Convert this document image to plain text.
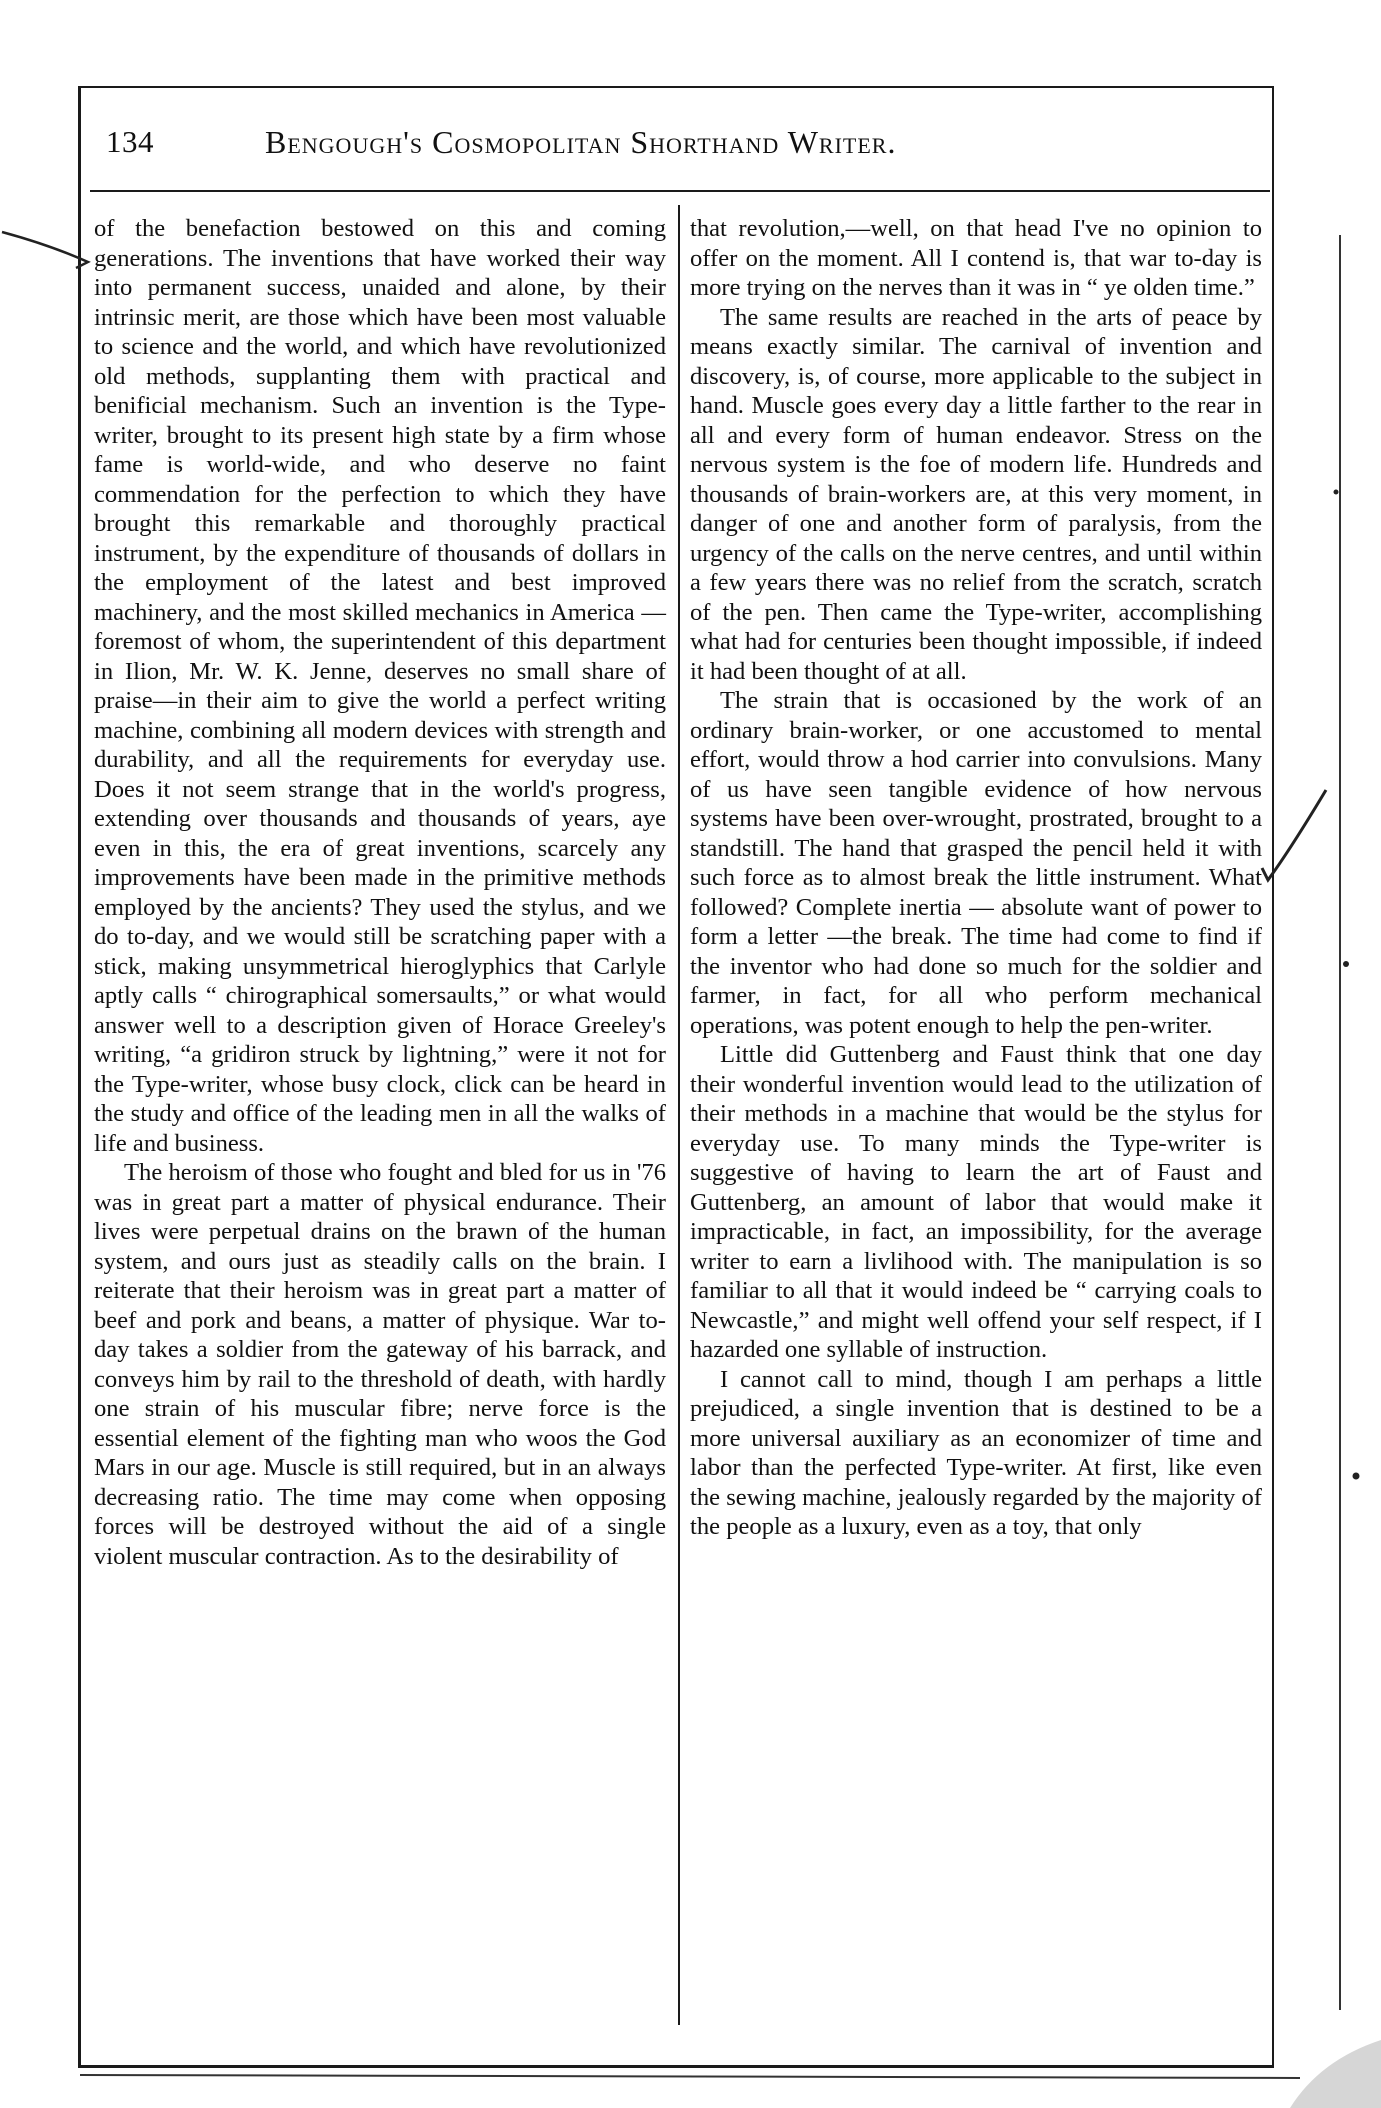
134	Bengough's Cosmopolitan Shorthand Writer.

of the benefaction bestowed on this and coming generations. The inventions that have worked their way into permanent success, unaided and alone, by their intrinsic merit, are those which have been most valuable to science and the world, and which have revolutionized old methods, supplanting them with practical and benificial mechanism. Such an invention is the Type-writer, brought to its present high state by a firm whose fame is world-wide, and who deserve no faint commendation for the perfection to which they have brought this remarkable and thoroughly practical instrument, by the expenditure of thousands of dollars in the employment of the latest and best improved machinery, and the most skilled mechanics in America —foremost of whom, the superintendent of this department in Ilion, Mr. W. K. Jenne, deserves no small share of praise—in their aim to give the world a perfect writing machine, combining all modern devices with strength and durability, and all the requirements for everyday use. Does it not seem strange that in the world's progress, extending over thousands and thousands of years, aye even in this, the era of great inventions, scarcely any improvements have been made in the primitive methods employed by the ancients? They used the stylus, and we do to-day, and we would still be scratching paper with a stick, making unsymmetrical hieroglyphics that Carlyle aptly calls “ chirographical somersaults,” or what would answer well to a description given of Horace Greeley's writing, “a gridiron struck by lightning,” were it not for the Type-writer, whose busy clock, click can be heard in the study and office of the leading men in all the walks of life and business.

The heroism of those who fought and bled for us in '76 was in great part a matter of physical endurance. Their lives were perpetual drains on the brawn of the human system, and ours just as steadily calls on the brain. I reiterate that their heroism was in great part a matter of beef and pork and beans, a matter of physique. War to-day takes a soldier from the gateway of his barrack, and conveys him by rail to the threshold of death, with hardly one strain of his muscular fibre; nerve force is the essential element of the fighting man who woos the God Mars in our age. Muscle is still required, but in an always decreasing ratio. The time may come when opposing forces will be destroyed without the aid of a single violent muscular contraction. As to the desirability of

that revolution,—well, on that head I've no opinion to offer on the moment. All I contend is, that war to-day is more trying on the nerves than it was in “ ye olden time.”

The same results are reached in the arts of peace by means exactly similar. The carnival of invention and discovery, is, of course, more applicable to the subject in hand. Muscle goes every day a little farther to the rear in all and every form of human endeavor. Stress on the nervous system is the foe of modern life. Hundreds and thousands of brain-workers are, at this very moment, in danger of one and another form of paralysis, from the urgency of the calls on the nerve centres, and until within a few years there was no relief from the scratch, scratch of the pen. Then came the Type-writer, accomplishing what had for centuries been thought impossible, if indeed it had been thought of at all.

The strain that is occasioned by the work of an ordinary brain-worker, or one accustomed to mental effort, would throw a hod carrier into convulsions. Many of us have seen tangible evidence of how nervous systems have been over-wrought, prostrated, brought to a standstill. The hand that grasped the pencil held it with such force as to almost break the little instrument. What followed? Complete inertia — absolute want of power to form a letter —the break. The time had come to find if the inventor who had done so much for the soldier and farmer, in fact, for all who perform mechanical operations, was potent enough to help the pen-writer.

Little did Guttenberg and Faust think that one day their wonderful invention would lead to the utilization of their methods in a machine that would be the stylus for everyday use. To many minds the Type-writer is suggestive of having to learn the art of Faust and Guttenberg, an amount of labor that would make it impracticable, in fact, an impossibility, for the average writer to earn a livlihood with. The manipulation is so familiar to all that it would indeed be “ carrying coals to Newcastle,” and might well offend your self respect, if I hazarded one syllable of instruction.

I cannot call to mind, though I am perhaps a little prejudiced, a single invention that is destined to be a more universal auxiliary as an economizer of time and labor than the perfected Type-writer. At first, like even the sewing machine, jealously regarded by the majority of the people as a luxury, even as a toy, that only
